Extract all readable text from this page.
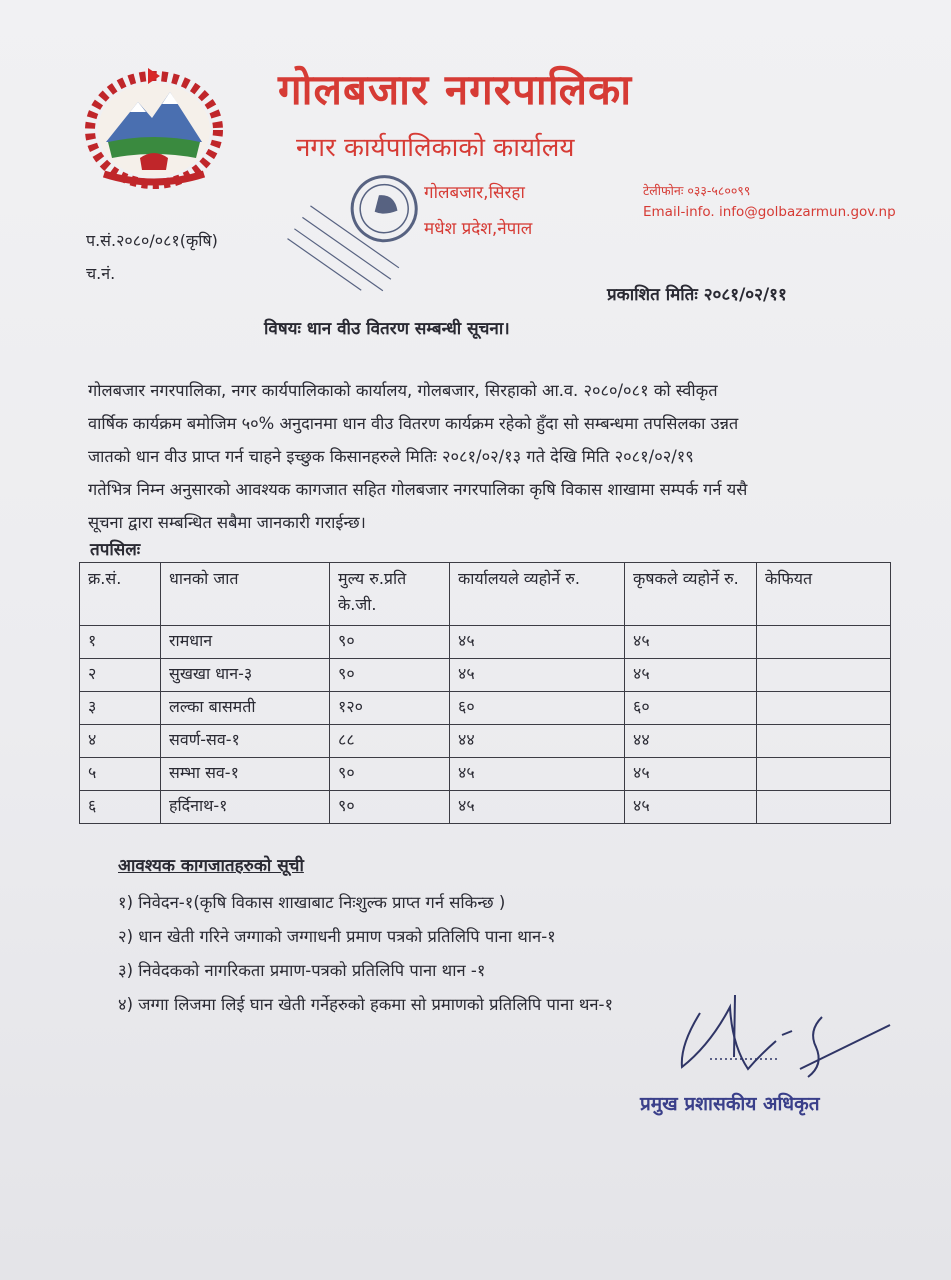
गोलबजार नगरपालिका
नगर कार्यपालिकाको कार्यालय
गोलबजार,सिरहा
मधेश प्रदेश,नेपाल
टेलीफोनः ०३३-५८००९९
Email-info. info@golbazarmun.gov.np
प.सं.२०८०/०८१(कृषि)
च.नं.
प्रकाशित मितिः २०८१/०२/११
विषयः धान वीउ वितरण सम्बन्धी सूचना।
गोलबजार नगरपालिका, नगर कार्यपालिकाको कार्यालय, गोलबजार, सिरहाको आ.व. २०८०/०८१ को स्वीकृत
वार्षिक कार्यक्रम बमोजिम ५०% अनुदानमा धान वीउ वितरण कार्यक्रम रहेको हुँदा सो सम्बन्धमा तपसिलका उन्नत
जातको धान वीउ प्राप्त गर्न चाहने इच्छुक किसानहरुले मितिः २०८१/०२/१३ गते देखि मिति २०८१/०२/१९
गतेभित्र निम्न अनुसारको आवश्यक कागजात सहित गोलबजार नगरपालिका कृषि विकास शाखामा सम्पर्क गर्न यसै
सूचना द्वारा सम्बन्धित सबैमा जानकारी गराईन्छ।
तपसिलः
क्र.सं.	धानको जात	मुल्य रु.प्रति के.जी.	कार्यालयले व्यहोर्ने रु.	कृषकले व्यहोर्ने रु.	केफियत
१	रामधान	९०	४५	४५	
२	सुखखा धान-३	९०	४५	४५	
३	लल्का बासमती	१२०	६०	६०	
४	सवर्ण-सव-१	८८	४४	४४	
५	सम्भा सव-१	९०	४५	४५	
६	हर्दिनाथ-१	९०	४५	४५	
आवश्यक कागजातहरुको सूची
१) निवेदन-१(कृषि विकास शाखाबाट निःशुल्क प्राप्त गर्न सकिन्छ )
२) धान खेती गरिने जग्गाको जग्गाधनी प्रमाण पत्रको प्रतिलिपि पाना थान-१
३) निवेदकको नागरिकता प्रमाण-पत्रको प्रतिलिपि पाना थान -१
४) जग्गा लिजमा लिई घान खेती गर्नेहरुको हकमा सो प्रमाणको प्रतिलिपि पाना थन-१
प्रमुख प्रशासकीय अधिकृत
